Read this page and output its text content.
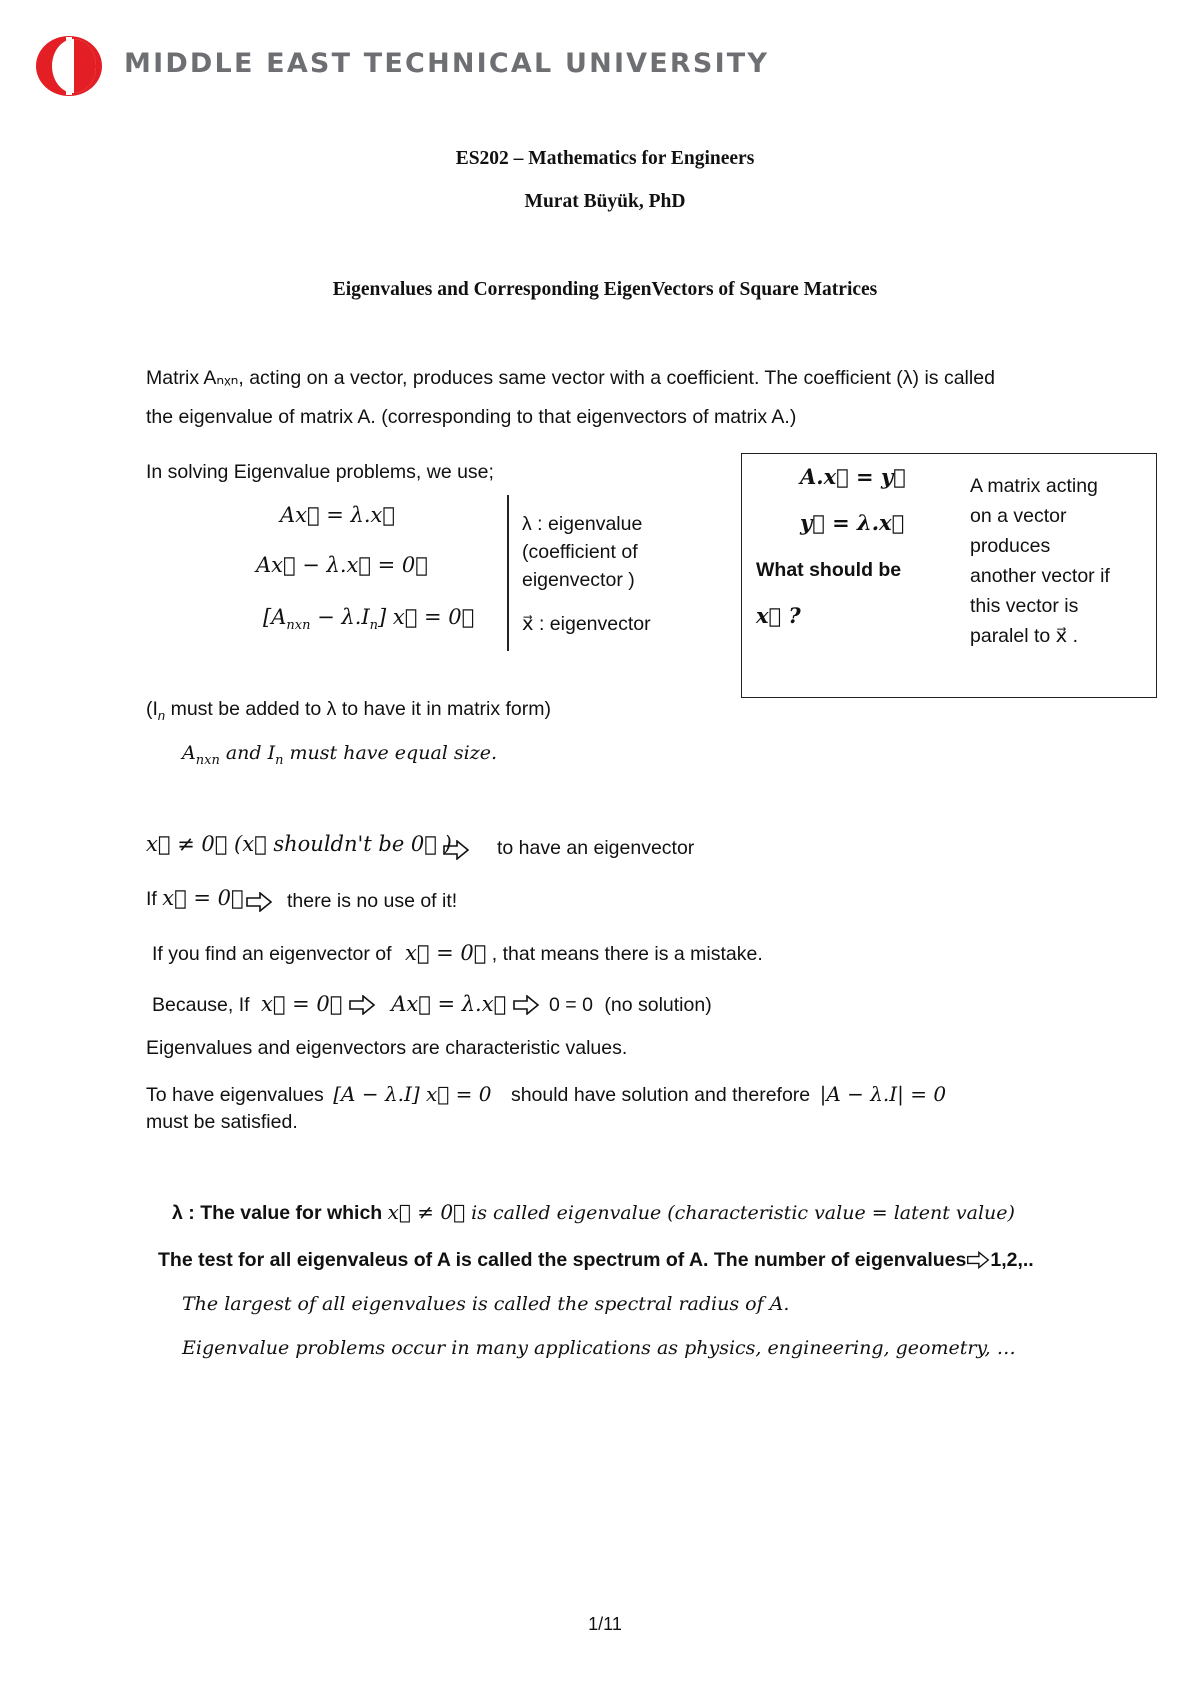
MIDDLE EAST TECHNICAL UNIVERSITY
ES202 – Mathematics for Engineers
Murat Büyük, PhD
Eigenvalues and Corresponding EigenVectors of Square Matrices
Matrix Aₙₓₙ, acting on a vector, produces same vector with a coefficient. The coefficient (λ) is called
the eigenvalue of matrix A. (corresponding to that eigenvectors of matrix A.)
In solving Eigenvalue problems, we use;
Ax⃗ = λ.x⃗
Ax⃗ − λ.x⃗ = 0⃗
$[A_{nxn} - \lambda.I_n]$ x⃗ = 0⃗
λ : eigenvalue
(coefficient of
eigenvector )
x⃗ : eigenvector
A.x⃗ = y⃗
y⃗ = λ.x⃗
What should be
x⃗ ?
A matrix acting
on a vector
produces
another vector if
this vector is
paralel to x⃗ .
($I_n$ must be added to λ to have it in matrix form)
$A_{nxn}$ and $I_n$ must have equal size.
x⃗ ≠ 0⃗ (x⃗ shouldn't be 0⃗ ) to have an eigenvector
If x⃗ = 0⃗ there is no use of it!
If you find an eigenvector of x⃗ = 0⃗ , that means there is a mistake.
Because, If x⃗ = 0⃗ Ax⃗ = λ.x⃗ 0 = 0 (no solution)
Eigenvalues and eigenvectors are characteristic values.
To have eigenvalues [A − λ.I] x⃗ = 0 should have solution and therefore |A − λ.I| = 0
must be satisfied.
λ : The value for which x⃗ ≠ 0⃗ is called eigenvalue (characteristic value = latent value)
The test for all eigenvaleus of A is called the spectrum of A. The number of eigenvalues 1,2,..
The largest of all eigenvalues is called the spectral radius of A.
Eigenvalue problems occur in many applications as physics, engineering, geometry, …
1/11
